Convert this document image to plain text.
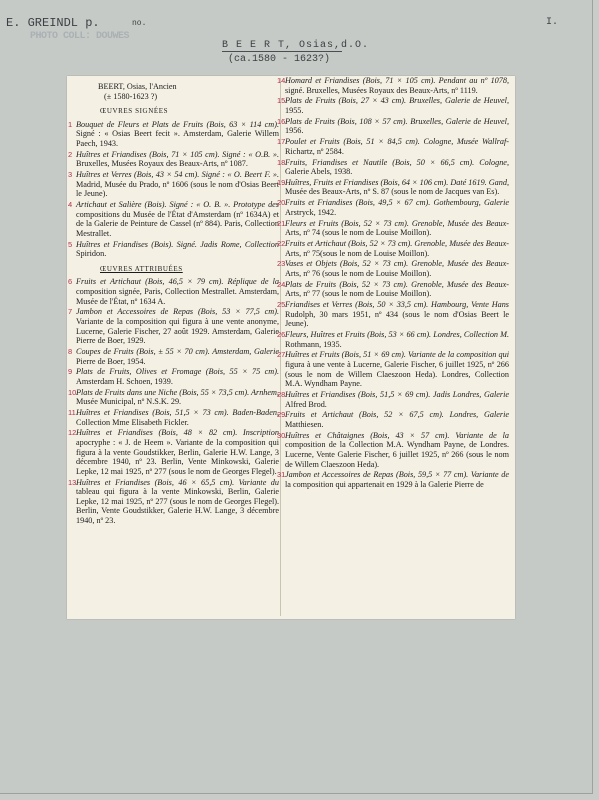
E. GREINDL p.	no.	I.
PHOTO COLL: DOUWES
B E E R T, Osias,d.O.
(ca.1580 - 1623?)

BEERT, Osias, l'Ancien

(± 1580-1623 ?)

ŒUVRES SIGNÉES

1 Bouquet de Fleurs et Plats de Fruits (Bois, 63 × 114 cm). Signé : « Osias Beert fecit ». Amsterdam, Galerie Willem Paech, 1943.

2 Huîtres et Friandises (Bois, 71 × 105 cm). Signé : « O.B. ». Bruxelles, Musées Royaux des Beaux-Arts, nº 1087.

3 Huîtres et Verres (Bois, 43 × 54 cm). Signé : « O. Beert F. ». Madrid, Musée du Prado, nº 1606 (sous le nom d'Osias Beert le Jeune).

4 Artichaut et Salière (Bois). Signé : « O. B. ». Prototype des compositions du Musée de l'État d'Amsterdam (nº 1634A) et de la Galerie de Peinture de Cassel (nº 884). Paris, Collection Mestrallet.

5 Huîtres et Friandises (Bois). Signé. Jadis Rome, Collection Spiridon.

ŒUVRES ATTRIBUÉES

6 Fruits et Artichaut (Bois, 46,5 × 79 cm). Réplique de la composition signée, Paris, Collection Mestrallet. Amsterdam, Musée de l'État, nº 1634 A.

7 Jambon et Accessoires de Repas (Bois, 53 × 77,5 cm). Variante de la composition qui figura à une vente anonyme, Lucerne, Galerie Fischer, 27 août 1929. Amsterdam, Galerie Pierre de Boer, 1929.

8 Coupes de Fruits (Bois, ± 55 × 70 cm). Amsterdam, Galerie Pierre de Boer, 1954.

9 Plats de Fruits, Olives et Fromage (Bois, 55 × 75 cm). Amsterdam H. Schoen, 1939.

10 Plats de Fruits dans une Niche (Bois, 55 × 73,5 cm). Arnhem, Musée Municipal, nº N.S.K. 29.

11 Huîtres et Friandises (Bois, 51,5 × 73 cm). Baden-Baden, Collection Mme Elisabeth Fickler.

12 Huîtres et Friandises (Bois, 48 × 82 cm). Inscription apocryphe : « J. de Heem ». Variante de la composition qui figura à la vente Goudstikker, Berlin, Galerie H.W. Lange, 3 décembre 1940, nº 23. Berlin, Vente Minkowski, Galerie Lepke, 12 mai 1925, nº 277 (sous le nom de Georges Flegel).

13 Huîtres et Friandises (Bois, 46 × 65,5 cm). Variante du tableau qui figura à la vente Minkowski, Berlin, Galerie Lepke, 12 mai 1925, nº 277 (sous le nom de Georges Flegel). Berlin, Vente Goudstikker, Galerie H.W. Lange, 3 décembre 1940, nº 23.

14 Homard et Friandises (Bois, 71 × 105 cm). Pendant au nº 1078, signé. Bruxelles, Musées Royaux des Beaux-Arts, nº 1119.

15 Plats de Fruits (Bois, 27 × 43 cm). Bruxelles, Galerie de Heuvel, 1955.

16 Plats de Fruits (Bois, 108 × 57 cm). Bruxelles, Galerie de Heuvel, 1956.

17 Poulet et Fruits (Bois, 51 × 84,5 cm). Cologne, Musée Wallraf-Richartz, nº 2584.

18 Fruits, Friandises et Nautile (Bois, 50 × 66,5 cm). Cologne, Galerie Abels, 1938.

19 Huîtres, Fruits et Friandises (Bois, 64 × 106 cm). Daté 1619. Gand, Musée des Beaux-Arts, nº S. 87 (sous le nom de Jacques van Es).

20 Fruits et Friandises (Bois, 49,5 × 67 cm). Gothembourg, Galerie Arstryck, 1942.

21 Fleurs et Fruits (Bois, 52 × 73 cm). Grenoble, Musée des Beaux-Arts, nº 74 (sous le nom de Louise Moillon).

22 Fruits et Artichaut (Bois, 52 × 73 cm). Grenoble, Musée des Beaux-Arts, nº 75(sous le nom de Louise Moillon).

23 Vases et Objets (Bois, 52 × 73 cm). Grenoble, Musée des Beaux-Arts, nº 76 (sous le nom de Louise Moillon).

24 Plats de Fruits (Bois, 52 × 73 cm). Grenoble, Musée des Beaux-Arts, nº 77 (sous le nom de Louise Moillon).

25 Friandises et Verres (Bois, 50 × 33,5 cm). Hambourg, Vente Hans Rudolph, 30 mars 1951, nº 434 (sous le nom d'Osias Beert le Jeune).

26 Fleurs, Huîtres et Fruits (Bois, 53 × 66 cm). Londres, Collection M. Rothmann, 1935.

27 Huîtres et Fruits (Bois, 51 × 69 cm). Variante de la composition qui figura à une vente à Lucerne, Galerie Fischer, 6 juillet 1925, nº 266 (sous le nom de Willem Claeszoon Heda). Londres, Collection M.A. Wyndham Payne.

28 Huîtres et Friandises (Bois, 51,5 × 69 cm). Jadis Londres, Galerie Alfred Brod.

29 Fruits et Artichaut (Bois, 52 × 67,5 cm). Londres, Galerie Matthiesen.

30 Huîtres et Châtaignes (Bois, 43 × 57 cm). Variante de la composition de la Collection M.A. Wyndham Payne, de Londres. Lucerne, Vente Galerie Fischer, 6 juillet 1925, nº 266 (sous le nom de Willem Claeszoon Heda).

31 Jambon et Accessoires de Repas (Bois, 59,5 × 77 cm). Variante de la composition qui appartenait en 1929 à la Galerie Pierre de
